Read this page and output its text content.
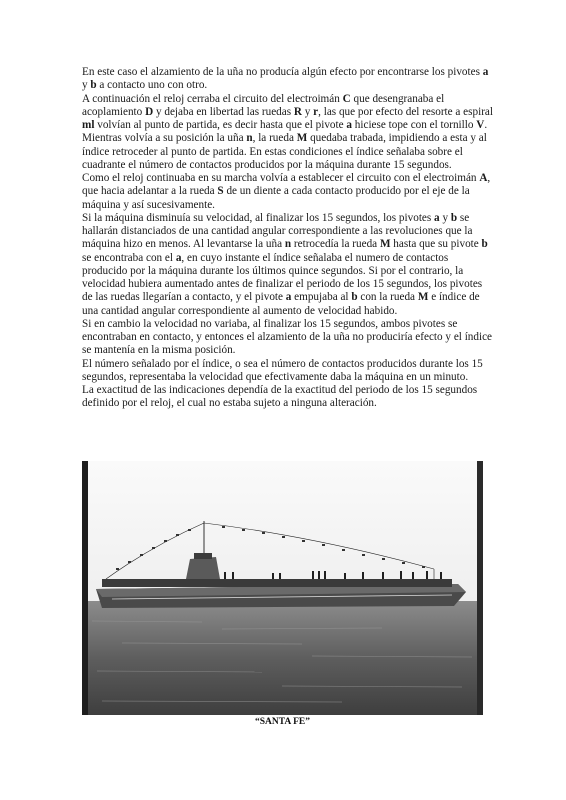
En este caso el alzamiento de la uña no producía algún efecto por encontrarse los pivotes a y b a contacto uno con otro.

A continuación el reloj cerraba el circuito del electroimán C que desengranaba el acoplamiento D y dejaba en libertad las ruedas R y r, las que por efecto del resorte a espiral ml volvían al punto de partida, es decir hasta que el pivote a hiciese tope con el tornillo V. Mientras volvía a su posición la uña n, la rueda M quedaba trabada, impidiendo a esta y al índice retroceder al punto de partida. En estas condiciones el índice señalaba sobre el cuadrante el número de contactos producidos por la máquina durante 15 segundos.

Como el reloj continuaba en su marcha volvía a establecer el circuito con el electroimán A, que hacia adelantar a la rueda S de un diente a cada contacto producido por el eje de la máquina y así sucesivamente.

Si la máquina disminuía su velocidad, al finalizar los 15 segundos, los pivotes a y b se hallarán distanciados de una cantidad angular correspondiente a las revoluciones que la máquina hizo en menos. Al levantarse la uña n retrocedía la rueda M hasta que su pivote b se encontraba con el a, en cuyo instante el índice señalaba el numero de contactos producido por la máquina durante los últimos quince segundos. Si por el contrario, la velocidad hubiera aumentado antes de finalizar el periodo de los 15 segundos, los pivotes de las ruedas llegarían a contacto, y el pivote a empujaba al b con la rueda M e índice de una cantidad angular correspondiente al aumento de velocidad habido.

Si en cambio la velocidad no variaba, al finalizar los 15 segundos, ambos pivotes se encontraban en contacto, y entonces el alzamiento de la uña no produciría efecto y el índice se mantenía en la misma posición.

El número señalado por el índice, o sea el número de contactos producidos durante los 15 segundos, representaba la velocidad que efectivamente daba la máquina en un minuto.

La exactitud de las indicaciones dependía de la exactitud del periodo de los 15 segundos definido por el reloj, el cual no estaba sujeto a ninguna alteración.

“SANTA FE”
